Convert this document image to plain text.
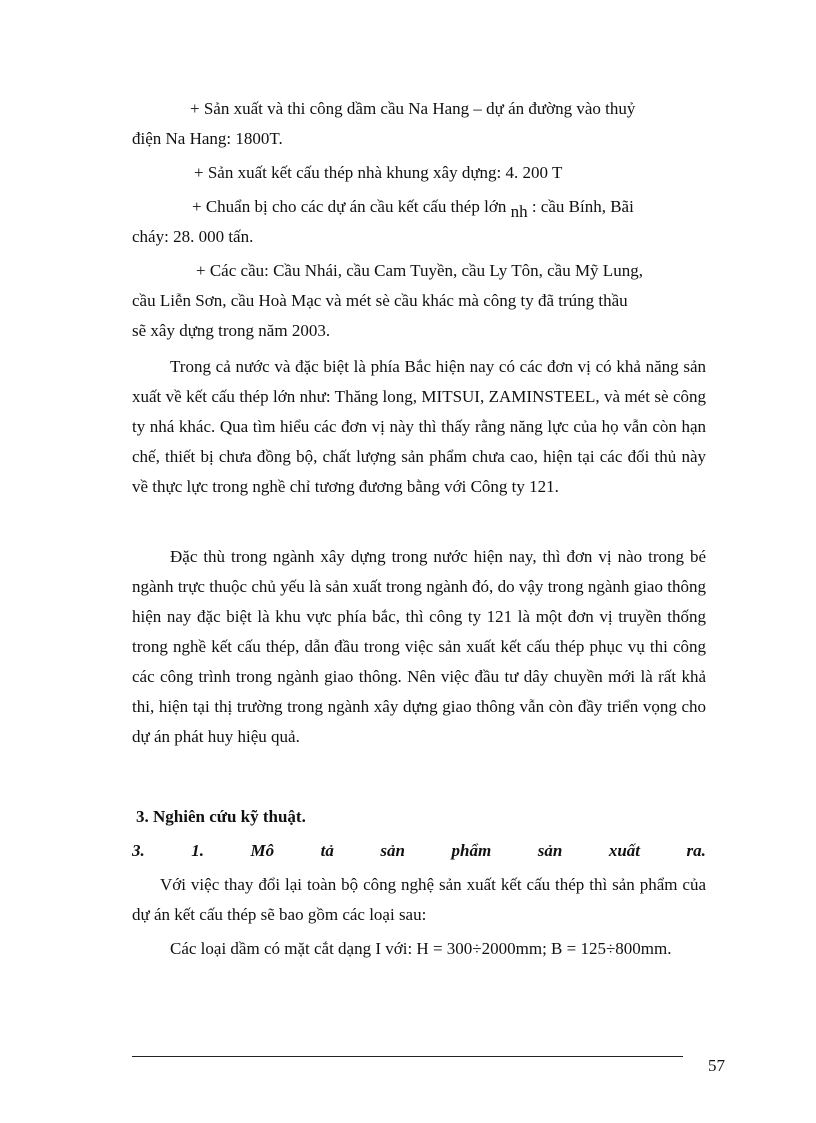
+ Sản xuất và thi công dầm cầu Na Hang – dự án đường vào thuỷ

điện Na Hang: 1800T.

+ Sản xuất kết cấu thép nhà khung xây dựng: 4. 200 T

+ Chuẩn bị cho các dự án cầu kết cấu thép lớn nh : cầu Bính, Bãi

cháy: 28. 000 tấn.

+ Các cầu: Cầu Nhái, cầu Cam Tuyền, cầu Ly Tôn, cầu Mỹ Lung,

cầu Liễn Sơn, cầu Hoà Mạc và mét sè cầu khác mà công ty đã trúng thầu

sẽ xây dựng trong năm 2003.

Trong cả nước và đặc biệt là phía Bắc hiện nay có các đơn vị có khả năng sản xuất về kết cấu thép lớn như: Thăng long, MITSUI, ZAMINSTEEL, và mét sè công ty nhá khác. Qua tìm hiểu các đơn vị này thì thấy rằng năng lực của họ vẫn còn hạn chế, thiết bị chưa đồng bộ, chất lượng sản phẩm chưa cao, hiện tại các đối thủ này về thực lực trong nghề chỉ tương đương bằng với Công ty 121.

Đặc thù trong ngành xây dựng trong nước hiện nay, thì đơn vị nào trong bé ngành trực thuộc chủ yếu là sản xuất trong ngành đó, do vậy trong ngành giao thông hiện nay đặc biệt là khu vực phía bắc, thì công ty 121 là một đơn vị truyền thống trong nghề kết cấu thép, dẫn đầu trong việc sản xuất kết cấu thép phục vụ thi công các công trình trong ngành giao thông. Nên việc đầu tư dây chuyền mới là rất khả thi, hiện tại thị trường trong ngành xây dựng giao thông vẫn còn đầy triển vọng cho dự án phát huy hiệu quả.

3. Nghiên cứu kỹ thuật.

3.	1.	Mô	tả	sản	phẩm	sản	xuất	ra.

Với việc thay đổi lại toàn bộ công nghệ sản xuất kết cấu thép thì sản phẩm của dự án kết cấu thép sẽ bao gồm các loại sau:

Các loại dầm có mặt cắt dạng I với: H = 300÷2000mm; B = 125÷800mm.

57
